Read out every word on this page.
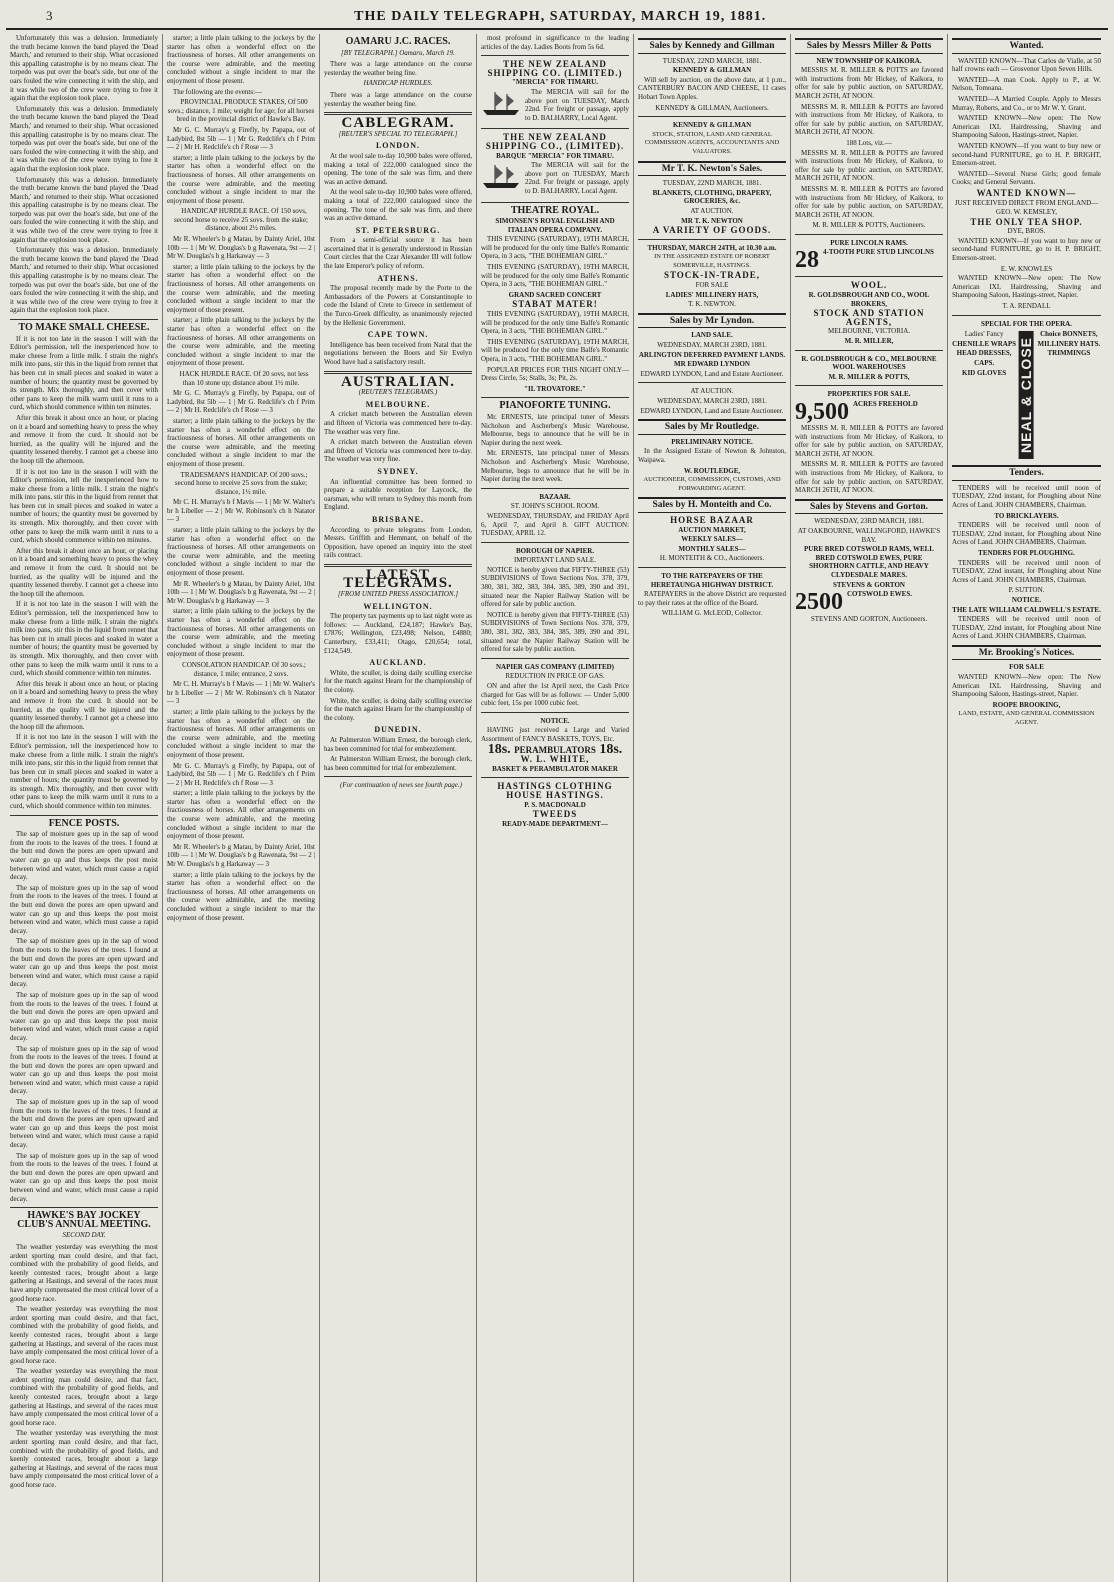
3	THE DAILY TELEGRAPH, SATURDAY, MARCH 19, 1881.

Unfortunately this was a delusion. Immediately the truth became known the band played the 'Dead March,' and returned to their ship. What occasioned this appalling catastrophe is by no means clear. The torpedo was put over the boat's side, but one of the oars fouled the wire connecting it with the ship, and it was while two of the crew were trying to free it again that the explosion took place.

Unfortunately this was a delusion. Immediately the truth became known the band played the 'Dead March,' and returned to their ship. What occasioned this appalling catastrophe is by no means clear. The torpedo was put over the boat's side, but one of the oars fouled the wire connecting it with the ship, and it was while two of the crew were trying to free it again that the explosion took place.

Unfortunately this was a delusion. Immediately the truth became known the band played the 'Dead March,' and returned to their ship. What occasioned this appalling catastrophe is by no means clear. The torpedo was put over the boat's side, but one of the oars fouled the wire connecting it with the ship, and it was while two of the crew were trying to free it again that the explosion took place.

Unfortunately this was a delusion. Immediately the truth became known the band played the 'Dead March,' and returned to their ship. What occasioned this appalling catastrophe is by no means clear. The torpedo was put over the boat's side, but one of the oars fouled the wire connecting it with the ship, and it was while two of the crew were trying to free it again that the explosion took place.

TO MAKE SMALL CHEESE.

If it is not too late in the season I will with the Editor's permission, tell the inexperienced how to make cheese from a little milk. I strain the night's milk into pans, stir this in the liquid from rennet that has been cut in small pieces and soaked in water a number of hours; the quantity must be governed by its strength. Mix thoroughly, and then cover with other pans to keep the milk warm until it runs to a curd, which should commence within ten minutes.

After this break it about once an hour, or placing on it a board and something heavy to press the whey and remove it from the curd. It should not be hurried, as the quality will be injured and the quantity lessened thereby. I cannot get a cheese into the hoop till the afternoon.

If it is not too late in the season I will with the Editor's permission, tell the inexperienced how to make cheese from a little milk. I strain the night's milk into pans, stir this in the liquid from rennet that has been cut in small pieces and soaked in water a number of hours; the quantity must be governed by its strength. Mix thoroughly, and then cover with other pans to keep the milk warm until it runs to a curd, which should commence within ten minutes.

After this break it about once an hour, or placing on it a board and something heavy to press the whey and remove it from the curd. It should not be hurried, as the quality will be injured and the quantity lessened thereby. I cannot get a cheese into the hoop till the afternoon.

If it is not too late in the season I will with the Editor's permission, tell the inexperienced how to make cheese from a little milk. I strain the night's milk into pans, stir this in the liquid from rennet that has been cut in small pieces and soaked in water a number of hours; the quantity must be governed by its strength. Mix thoroughly, and then cover with other pans to keep the milk warm until it runs to a curd, which should commence within ten minutes.

After this break it about once an hour, or placing on it a board and something heavy to press the whey and remove it from the curd. It should not be hurried, as the quality will be injured and the quantity lessened thereby. I cannot get a cheese into the hoop till the afternoon.

If it is not too late in the season I will with the Editor's permission, tell the inexperienced how to make cheese from a little milk. I strain the night's milk into pans, stir this in the liquid from rennet that has been cut in small pieces and soaked in water a number of hours; the quantity must be governed by its strength. Mix thoroughly, and then cover with other pans to keep the milk warm until it runs to a curd, which should commence within ten minutes.

FENCE POSTS.

The sap of moisture goes up in the sap of wood from the roots to the leaves of the trees. I found at the butt end down the pores are open upward and water can go up and thus keeps the post moist between wind and water, which must cause a rapid decay.

The sap of moisture goes up in the sap of wood from the roots to the leaves of the trees. I found at the butt end down the pores are open upward and water can go up and thus keeps the post moist between wind and water, which must cause a rapid decay.

The sap of moisture goes up in the sap of wood from the roots to the leaves of the trees. I found at the butt end down the pores are open upward and water can go up and thus keeps the post moist between wind and water, which must cause a rapid decay.

The sap of moisture goes up in the sap of wood from the roots to the leaves of the trees. I found at the butt end down the pores are open upward and water can go up and thus keeps the post moist between wind and water, which must cause a rapid decay.

The sap of moisture goes up in the sap of wood from the roots to the leaves of the trees. I found at the butt end down the pores are open upward and water can go up and thus keeps the post moist between wind and water, which must cause a rapid decay.

The sap of moisture goes up in the sap of wood from the roots to the leaves of the trees. I found at the butt end down the pores are open upward and water can go up and thus keeps the post moist between wind and water, which must cause a rapid decay.

The sap of moisture goes up in the sap of wood from the roots to the leaves of the trees. I found at the butt end down the pores are open upward and water can go up and thus keeps the post moist between wind and water, which must cause a rapid decay.

HAWKE'S BAY JOCKEY CLUB'S ANNUAL MEETING.
SECOND DAY.

The weather yesterday was everything the most ardent sporting man could desire, and that fact, combined with the probability of good fields, and keenly contested races, brought about a large gathering at Hastings, and several of the races must have amply compensated the most critical lover of a good horse race.

The weather yesterday was everything the most ardent sporting man could desire, and that fact, combined with the probability of good fields, and keenly contested races, brought about a large gathering at Hastings, and several of the races must have amply compensated the most critical lover of a good horse race.

The weather yesterday was everything the most ardent sporting man could desire, and that fact, combined with the probability of good fields, and keenly contested races, brought about a large gathering at Hastings, and several of the races must have amply compensated the most critical lover of a good horse race.

The weather yesterday was everything the most ardent sporting man could desire, and that fact, combined with the probability of good fields, and keenly contested races, brought about a large gathering at Hastings, and several of the races must have amply compensated the most critical lover of a good horse race.

starter; a little plain talking to the jockeys by the starter has often a wonderful effect on the fractiousness of horses. All other arrangements on the course were admirable, and the meeting concluded without a single incident to mar the enjoyment of those present.

The following are the events:—

PROVINCIAL PRODUCE STAKES, Of 500 sovs.; distance, 1 mile; weight for age; for all horses bred in the provincial district of Hawke's Bay.

Mr G. C. Murray's g Firefly, by Papapa, out of Ladybird, 8st 5lb — 1 | Mr G. Redclife's ch f Prim — 2 | Mr H. Redclife's ch f Rose — 3

starter; a little plain talking to the jockeys by the starter has often a wonderful effect on the fractiousness of horses. All other arrangements on the course were admirable, and the meeting concluded without a single incident to mar the enjoyment of those present.

HANDICAP HURDLE RACE. Of 150 sovs, second horse to receive 25 sovs. from the stake; distance, about 2½ miles.

Mr R. Wheeler's b g Matau, by Dainty Ariel, 10st 10lb — 1 | Mr W. Douglas's b g Rawenata, 9st — 2 | Mr W. Douglas's b g Harkaway — 3

starter; a little plain talking to the jockeys by the starter has often a wonderful effect on the fractiousness of horses. All other arrangements on the course were admirable, and the meeting concluded without a single incident to mar the enjoyment of those present.

starter; a little plain talking to the jockeys by the starter has often a wonderful effect on the fractiousness of horses. All other arrangements on the course were admirable, and the meeting concluded without a single incident to mar the enjoyment of those present.

HACK HURDLE RACE. Of 20 sovs, not less than 10 stone up; distance about 1½ mile.

Mr G. C. Murray's g Firefly, by Papapa, out of Ladybird, 8st 5lb — 1 | Mr G. Redclife's ch f Prim — 2 | Mr H. Redclife's ch f Rose — 3

starter; a little plain talking to the jockeys by the starter has often a wonderful effect on the fractiousness of horses. All other arrangements on the course were admirable, and the meeting concluded without a single incident to mar the enjoyment of those present.

TRADESMAN'S HANDICAP. Of 200 sovs.; second horse to receive 25 sovs from the stake; distance, 1½ mile.

Mr C. H. Murray's b f Mavis — 1 | Mr W. Walter's br h Libeller — 2 | Mr W. Robinson's ch h Natator — 3

starter; a little plain talking to the jockeys by the starter has often a wonderful effect on the fractiousness of horses. All other arrangements on the course were admirable, and the meeting concluded without a single incident to mar the enjoyment of those present.

Mr R. Wheeler's b g Matau, by Dainty Ariel, 10st 10lb — 1 | Mr W. Douglas's b g Rawenata, 9st — 2 | Mr W. Douglas's b g Harkaway — 3

starter; a little plain talking to the jockeys by the starter has often a wonderful effect on the fractiousness of horses. All other arrangements on the course were admirable, and the meeting concluded without a single incident to mar the enjoyment of those present.

CONSOLATION HANDICAP. Of 30 sovs.; distance, 1 mile; entrance, 2 sovs.

Mr C. H. Murray's b f Mavis — 1 | Mr W. Walter's br h Libeller — 2 | Mr W. Robinson's ch h Natator — 3

starter; a little plain talking to the jockeys by the starter has often a wonderful effect on the fractiousness of horses. All other arrangements on the course were admirable, and the meeting concluded without a single incident to mar the enjoyment of those present.

Mr G. C. Murray's g Firefly, by Papapa, out of Ladybird, 8st 5lb — 1 | Mr G. Redclife's ch f Prim — 2 | Mr H. Redclife's ch f Rose — 3

starter; a little plain talking to the jockeys by the starter has often a wonderful effect on the fractiousness of horses. All other arrangements on the course were admirable, and the meeting concluded without a single incident to mar the enjoyment of those present.

Mr R. Wheeler's b g Matau, by Dainty Ariel, 10st 10lb — 1 | Mr W. Douglas's b g Rawenata, 9st — 2 | Mr W. Douglas's b g Harkaway — 3

starter; a little plain talking to the jockeys by the starter has often a wonderful effect on the fractiousness of horses. All other arrangements on the course were admirable, and the meeting concluded without a single incident to mar the enjoyment of those present.

OAMARU J.C. RACES.
[BY TELEGRAPH.] Oamaru, March 19.

There was a large attendance on the course yesterday the weather being fine.

HANDICAP HURDLES.

There was a large attendance on the course yesterday the weather being fine.

CABLEGRAM.
[REUTER'S SPECIAL TO TELEGRAPH.]
LONDON.

At the wool sale to-day 10,900 bales were offered, making a total of 222,000 catalogued since the opening. The tone of the sale was firm, and there was an active demand.

At the wool sale to-day 10,900 bales were offered, making a total of 222,000 catalogued since the opening. The tone of the sale was firm, and there was an active demand.

ST. PETERSBURG.

From a semi-official source it has been ascertained that it is generally understood in Russian Court circles that the Czar Alexander III will follow the late Emperor's policy of reform.

ATHENS.

The proposal recently made by the Porte to the Ambassadors of the Powers at Constantinople to cede the Island of Crete to Greece in settlement of the Turco-Greek difficulty, as unanimously rejected by the Hellenic Government.

CAPE TOWN.

Intelligence has been received from Natal that the negotiations between the Boers and Sir Evelyn Wood have had a satisfactory result.

AUSTRALIAN.
(REUTER'S TELEGRAMS.)
MELBOURNE.

A cricket match between the Australian eleven and fifteen of Victoria was commenced here to-day. The weather was very fine.

A cricket match between the Australian eleven and fifteen of Victoria was commenced here to-day. The weather was very fine.

SYDNEY.

An influential committee has been formed to prepare a suitable reception for Laycock, the oarsman, who will return to Sydney this month from England.

BRISBANE.

According to private telegrams from London, Messrs. Griffith and Hemmant, on behalf of the Opposition, have opened an inquiry into the steel rails contract.

LATEST TELEGRAMS.
[FROM UNITED PRESS ASSOCIATION.]
WELLINGTON.

The property tax payments up to last night were as follows: — Auckland, £24,187; Hawke's Bay, £7876; Wellington, £23,498; Nelson, £4880; Canterbury, £33,411; Otago, £20,654; total, £124,549.

AUCKLAND.

White, the sculler, is doing daily sculling exercise for the match against Hearn for the championship of the colony.

White, the sculler, is doing daily sculling exercise for the match against Hearn for the championship of the colony.

DUNEDIN.

At Palmerston William Ernest, the borough clerk, has been committed for trial for embezzlement.

At Palmerston William Ernest, the borough clerk, has been committed for trial for embezzlement.

(For continuation of news see fourth page.)

most profound in significance to the leading articles of the day. Ladies Boots from 5s 6d.

THE NEW ZEALAND SHIPPING CO. (LIMITED.)
"MERCIA" FOR TIMARU.

The MERCIA will sail for the above port on TUESDAY, March 22nd. For freight or passage, apply to D. BALHARRY, Local Agent.

THE NEW ZEALAND SHIPPING CO., (LIMITED).
BARQUE "MERCIA" FOR TIMARU.

The MERCIA will sail for the above port on TUESDAY, March 22nd. For freight or passage, apply to D. BALHARRY, Local Agent.

THEATRE ROYAL.
SIMONSEN'S ROYAL ENGLISH AND ITALIAN OPERA COMPANY.

THIS EVENING (SATURDAY), 19TH MARCH, will be produced for the only time Balfe's Romantic Opera, in 3 acts, "THE BOHEMIAN GIRL."

THIS EVENING (SATURDAY), 19TH MARCH, will be produced for the only time Balfe's Romantic Opera, in 3 acts, "THE BOHEMIAN GIRL."

GRAND SACRED CONCERT
STABAT MATER!

THIS EVENING (SATURDAY), 19TH MARCH, will be produced for the only time Balfe's Romantic Opera, in 3 acts, "THE BOHEMIAN GIRL."

THIS EVENING (SATURDAY), 19TH MARCH, will be produced for the only time Balfe's Romantic Opera, in 3 acts, "THE BOHEMIAN GIRL."

POPULAR PRICES FOR THIS NIGHT ONLY— Dress Circle, 5s; Stalls, 3s; Pit, 2s.

"IL TROVATORE."
PIANOFORTE TUNING.

Mr. ERNESTS, late principal tuner of Messrs Nicholson and Ascherberg's Music Warehouse, Melbourne, begs to announce that he will be in Napier during the next week.

Mr. ERNESTS, late principal tuner of Messrs Nicholson and Ascherberg's Music Warehouse, Melbourne, begs to announce that he will be in Napier during the next week.

BAZAAR.
ST. JOHN'S SCHOOL ROOM.

WEDNESDAY, THURSDAY, and FRIDAY April 6, April 7, and April 8. GIFT AUCTION: TUESDAY, APRIL 12.

BOROUGH OF NAPIER.
IMPORTANT LAND SALE.

NOTICE is hereby given that FIFTY-THREE (53) SUBDIVISIONS of Town Sections Nos. 378, 379, 380, 381, 382, 383, 384, 385, 389, 390 and 391, situated near the Napier Railway Station will be offered for sale by public auction.

NOTICE is hereby given that FIFTY-THREE (53) SUBDIVISIONS of Town Sections Nos. 378, 379, 380, 381, 382, 383, 384, 385, 389, 390 and 391, situated near the Napier Railway Station will be offered for sale by public auction.

NAPIER GAS COMPANY (LIMITED)
REDUCTION IN PRICE OF GAS.

ON and after the 1st April next, the Cash Price charged for Gas will be as follows: — Under 5,000 cubic feet, 15s per 1000 cubic feet.

NOTICE.

HAVING just received a Large and Varied Assortment of FANCY BASKETS, TOYS, Etc.

18s. PERAMBULATORS 18s.
W. L. WHITE,
BASKET & PERAMBULATOR MAKER
HASTINGS CLOTHING HOUSE HASTINGS.
P. S. MACDONALD
TWEEDS
READY-MADE DEPARTMENT—
Sales by Kennedy and Gillman
TUESDAY, 22ND MARCH, 1881.
KENNEDY & GILLMAN

Will sell by auction, on the above date, at 1 p.m., CANTERBURY BACON AND CHEESE, 11 cases Hobart Town Apples.

KENNEDY & GILLMAN, Auctioneers.
KENNEDY & GILLMAN
STOCK, STATION, LAND AND GENERAL COMMISSION AGENTS, ACCOUNTANTS AND VALUATORS.
Mr T. K. Newton's Sales.
TUESDAY, 22ND MARCH, 1881.
BLANKETS, CLOTHING, DRAPERY, GROCERIES, &c.
AT AUCTION.
MR T. K. NEWTON
A VARIETY OF GOODS.
THURSDAY, MARCH 24TH, at 10.30 a.m.
IN THE ASSIGNED ESTATE OF ROBERT SOMERVILLE, HASTINGS.
STOCK-IN-TRADE,
FOR SALE
LADIES' MILLINERY HATS,
T. K. NEWTON.
Sales by Mr Lyndon.
LAND SALE.
WEDNESDAY, MARCH 23RD, 1881.
ARLINGTON DEFERRED PAYMENT LANDS.
MR EDWARD LYNDON
EDWARD LYNDON, Land and Estate Auctioneer.
AT AUCTION.
WEDNESDAY, MARCH 23RD, 1881.
EDWARD LYNDON, Land and Estate Auctioneer.
Sales by Mr Routledge.
PRELIMINARY NOTICE.

In the Assigned Estate of Newton & Johnston, Waipawa.

W. ROUTLEDGE,
AUCTIONEER, COMMISSION, CUSTOMS, AND FORWARDING AGENT.
Sales by H. Monteith and Co.
HORSE BAZAAR
AUCTION MARKET,
WEEKLY SALES—
MONTHLY SALES—
H. MONTEITH & CO., Auctioneers.
TO THE RATEPAYERS OF THE HERETAUNGA HIGHWAY DISTRICT.

RATEPAYERS in the above District are requested to pay their rates at the office of the Board.

WILLIAM G. McLEOD, Collector.
Sales by Messrs Miller & Potts
NEW TOWNSHIP OF KAIKORA.

MESSRS M. R. MILLER & POTTS are favored with instructions from Mr Hickey, of Kaikora, to offer for sale by public auction, on SATURDAY, MARCH 26TH, AT NOON.

MESSRS M. R. MILLER & POTTS are favored with instructions from Mr Hickey, of Kaikora, to offer for sale by public auction, on SATURDAY, MARCH 26TH, AT NOON.

188 Lots, viz.—

MESSRS M. R. MILLER & POTTS are favored with instructions from Mr Hickey, of Kaikora, to offer for sale by public auction, on SATURDAY, MARCH 26TH, AT NOON.

MESSRS M. R. MILLER & POTTS are favored with instructions from Mr Hickey, of Kaikora, to offer for sale by public auction, on SATURDAY, MARCH 26TH, AT NOON.

M. R. MILLER & POTTS, Auctioneers.
PURE LINCOLN RAMS.
28 4-TOOTH PURE STUD LINCOLNS
WOOL.
R. GOLDSBROUGH AND CO., WOOL BROKERS,
STOCK AND STATION AGENTS,
MELBOURNE, VICTORIA.
M. R. MILLER,
R. GOLDSBROUGH & CO., MELBOURNE WOOL WAREHOUSES
M. R. MILLER & POTTS,
PROPERTIES FOR SALE.
9,500 ACRES FREEHOLD

MESSRS M. R. MILLER & POTTS are favored with instructions from Mr Hickey, of Kaikora, to offer for sale by public auction, on SATURDAY, MARCH 26TH, AT NOON.

MESSRS M. R. MILLER & POTTS are favored with instructions from Mr Hickey, of Kaikora, to offer for sale by public auction, on SATURDAY, MARCH 26TH, AT NOON.

Sales by Stevens and Gorton.
WEDNESDAY, 23RD MARCH, 1881.
AT OAKBOURNE, WALLINGFORD, HAWKE'S BAY.
PURE BRED COTSWOLD RAMS, WELL BRED COTSWOLD EWES, PURE SHORTHORN CATTLE, AND HEAVY CLYDESDALE MARES.
STEVENS & GORTON
2500 COTSWOLD EWES.
STEVENS AND GORTON, Auctioneers.
Wanted.

WANTED KNOWN—That Carlos de Vialle, at 50 half crowns each — Grosvenor Upon Seven Hills.

WANTED—A man Cook. Apply to P., at W. Nelson, Tomoana.

WANTED—A Married Couple. Apply to Messrs Murray, Roberts, and Co., or to Mr W. Y. Grant.

WANTED KNOWN—New open: The New American IXL Hairdressing, Shaving and Shampooing Saloon, Hastings-street, Napier.

WANTED KNOWN—If you want to buy new or second-hand FURNITURE, go to H. P. BRIGHT, Emerson-street.

WANTED—Several Nurse Girls; good female Cooks; and General Servants.

WANTED KNOWN—
JUST RECEIVED DIRECT FROM ENGLAND—
GEO. W. KEMSLEY,
THE ONLY TEA SHOP.
DYE, BROS.

WANTED KNOWN—If you want to buy new or second-hand FURNITURE, go to H. P. BRIGHT, Emerson-street.

E. W. KNOWLES

WANTED KNOWN—New open: The New American IXL Hairdressing, Shaving and Shampooing Saloon, Hastings-street, Napier.

T. A. RENDALL
SPECIAL FOR THE OPERA.
Ladies' Fancy
CHENILLE WRAPS
HEAD DRESSES,
CAPS.
KID GLOVES NEAL & CLOSE
Choice BONNETS,
MILLINERY HATS.
TRIMMINGS
Tenders.

TENDERS will be received until noon of TUESDAY, 22nd instant, for Ploughing about Nine Acres of Land. JOHN CHAMBERS, Chairman.

TO BRICKLAYERS.

TENDERS will be received until noon of TUESDAY, 22nd instant, for Ploughing about Nine Acres of Land. JOHN CHAMBERS, Chairman.

TENDERS FOR PLOUGHING.

TENDERS will be received until noon of TUESDAY, 22nd instant, for Ploughing about Nine Acres of Land. JOHN CHAMBERS, Chairman.

P. SUTTON.
NOTICE.
THE LATE WILLIAM CALDWELL'S ESTATE.

TENDERS will be received until noon of TUESDAY, 22nd instant, for Ploughing about Nine Acres of Land. JOHN CHAMBERS, Chairman.

Mr. Brooking's Notices.
FOR SALE

WANTED KNOWN—New open: The New American IXL Hairdressing, Shaving and Shampooing Saloon, Hastings-street, Napier.

ROOPE BROOKING,
LAND, ESTATE, AND GENERAL COMMISSION AGENT.
